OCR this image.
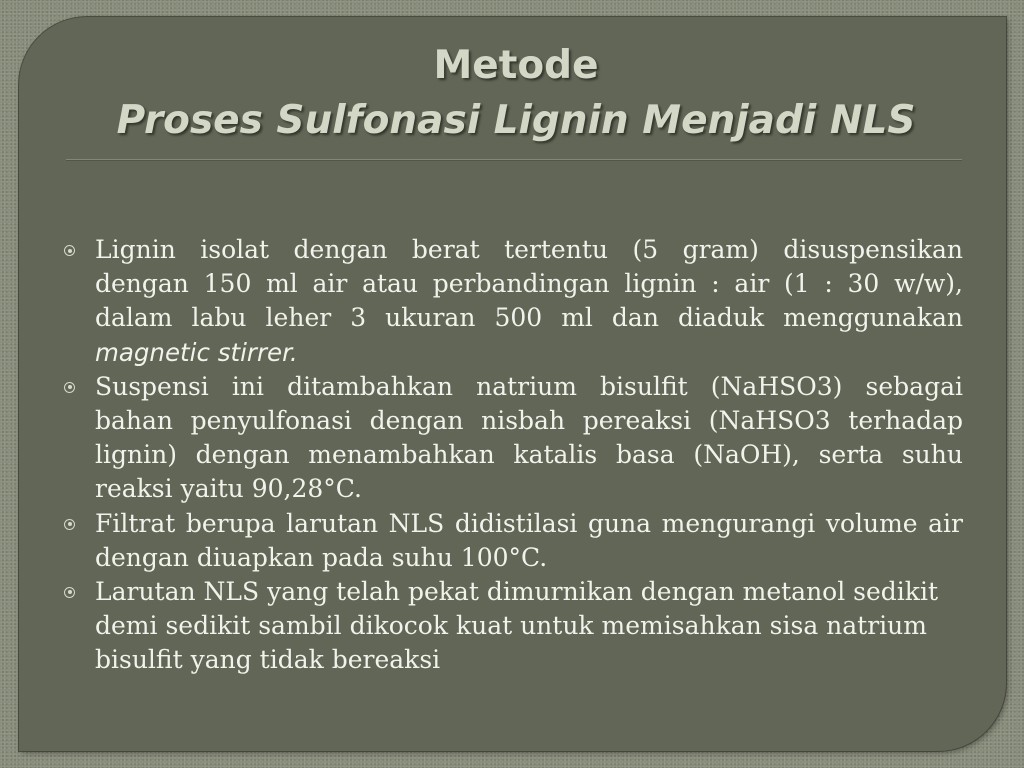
Metode
Proses Sulfonasi Lignin Menjadi NLS
Lignin isolat dengan berat tertentu (5 gram) disuspensikan
dengan 150 ml air atau perbandingan lignin : air (1 : 30 w/w),
dalam labu leher 3 ukuran 500 ml dan diaduk menggunakan
magnetic stirrer.
Suspensi ini ditambahkan natrium bisulfit (NaHSO3) sebagai
bahan penyulfonasi dengan nisbah pereaksi (NaHSO3 terhadap
lignin) dengan menambahkan katalis basa (NaOH), serta suhu
reaksi yaitu 90,28°C.
Filtrat berupa larutan NLS didistilasi guna mengurangi volume air
dengan diuapkan pada suhu 100°C.
Larutan NLS yang telah pekat dimurnikan dengan metanol sedikit
demi sedikit sambil dikocok kuat untuk memisahkan sisa natrium
bisulfit yang tidak bereaksi
